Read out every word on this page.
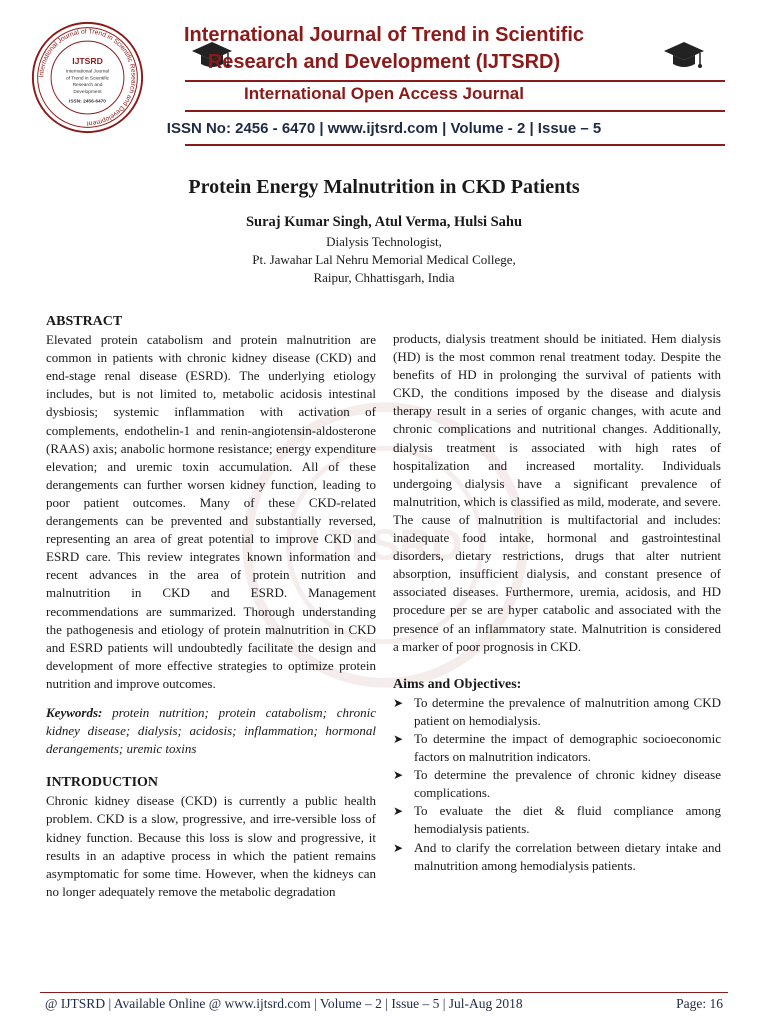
International Journal of Trend in Scientific Research and Development
IJTSRD
International Journal
of Trend in Scientific
Research and
Development
ISSN: 2456-6470
International Journal of Trend in Scientific
Research and Development (IJTSRD)
International Open Access Journal
ISSN No: 2456 - 6470 | www.ijtsrd.com | Volume - 2 | Issue – 5
IJTSRD
Protein Energy Malnutrition in CKD Patients
Suraj Kumar Singh, Atul Verma, Hulsi Sahu
Dialysis Technologist,
Pt. Jawahar Lal Nehru Memorial Medical College,
Raipur, Chhattisgarh, India
ABSTRACT

Elevated protein catabolism and protein malnutrition are common in patients with chronic kidney disease (CKD) and end-stage renal disease (ESRD). The underlying etiology includes, but is not limited to, metabolic acidosis intestinal dysbiosis; systemic inflammation with activation of complements, endothelin-1 and renin-angiotensin-aldosterone (RAAS) axis; anabolic hormone resistance; energy expenditure elevation; and uremic toxin accumulation. All of these derangements can further worsen kidney function, leading to poor patient outcomes. Many of these CKD-related derangements can be prevented and substantially reversed, representing an area of great potential to improve CKD and ESRD care. This review integrates known information and recent advances in the area of protein nutrition and malnutrition in CKD and ESRD. Management recommendations are summarized. Thorough understanding the pathogenesis and etiology of protein malnutrition in CKD and ESRD patients will undoubtedly facilitate the design and development of more effective strategies to optimize protein nutrition and improve outcomes.

Keywords: protein nutrition; protein catabolism; chronic kidney disease; dialysis; acidosis; inflammation; hormonal derangements; uremic toxins

INTRODUCTION

Chronic kidney disease (CKD) is currently a public health problem. CKD is a slow, progressive, and irre-versible loss of kidney function. Because this loss is slow and progressive, it results in an adaptive process in which the patient remains asymptomatic for some time. However, when the kidneys can no longer adequately remove the metabolic degradation

products, dialysis treatment should be initiated. Hem dialysis (HD) is the most common renal treatment today. Despite the benefits of HD in prolonging the survival of patients with CKD, the conditions imposed by the disease and dialysis therapy result in a series of organic changes, with acute and chronic complications and nutritional changes. Additionally, dialysis treatment is associated with high rates of hospitalization and increased mortality. Individuals undergoing dialysis have a significant prevalence of malnutrition, which is classified as mild, moderate, and severe. The cause of malnutrition is multifactorial and includes: inadequate food intake, hormonal and gastrointestinal disorders, dietary restrictions, drugs that alter nutrient absorption, insufficient dialysis, and constant presence of associated diseases. Furthermore, uremia, acidosis, and HD procedure per se are hyper catabolic and associated with the presence of an inflammatory state. Malnutrition is considered a marker of poor prognosis in CKD.

Aims and Objectives:
➤ To determine the prevalence of malnutrition among CKD patient on hemodialysis.
➤ To determine the impact of demographic socioeconomic factors on malnutrition indicators.
➤ To determine the prevalence of chronic kidney disease complications.
➤ To evaluate the diet & fluid compliance among hemodialysis patients.
➤ And to clarify the correlation between dietary intake and malnutrition among hemodialysis patients.
@ IJTSRD | Available Online @ www.ijtsrd.com | Volume – 2 | Issue – 5 | Jul-Aug 2018	Page: 16
